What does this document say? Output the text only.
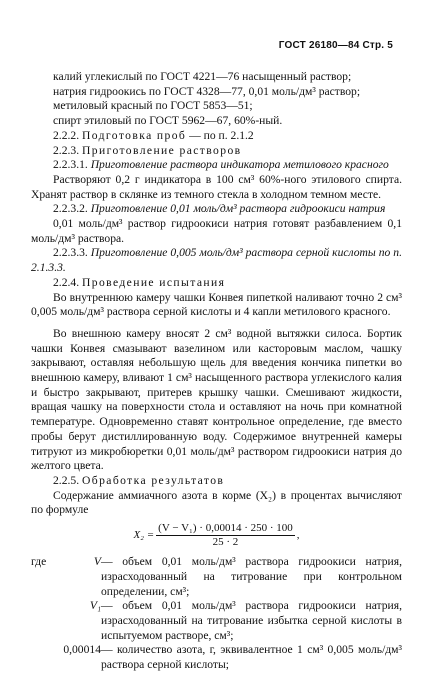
ГОСТ 26180—84 Стр. 5
калий углекислый по ГОСТ 4221—76 насыщенный раствор;
натрия гидроокись по ГОСТ 4328—77, 0,01 моль/дм³ раствор;
метиловый красный по ГОСТ 5853—51;
спирт этиловый по ГОСТ 5962—67, 60%-ный.

2.2.2. Подготовка проб — по п. 2.1.2

2.2.3. Приготовление растворов

2.2.3.1. Приготовление раствора индикатора метилового красного

Растворяют 0,2 г индикатора в 100 см³ 60%-ного этилового спирта. Хранят раствор в склянке из темного стекла в холодном темном месте.

2.2.3.2. Приготовление 0,01 моль/дм³ раствора гидроокиси натрия

0,01 моль/дм³ раствор гидроокиси натрия готовят разбавлением 0,1 моль/дм³ раствора.

2.2.3.3. Приготовление 0,005 моль/дм³ раствора серной кислоты по п. 2.1.3.3.

2.2.4. Проведение испытания

Во внутреннюю камеру чашки Конвея пипеткой наливают точно 2 см³ 0,005 моль/дм³ раствора серной кислоты и 4 капли метилового красного.

Во внешнюю камеру вносят 2 см³ водной вытяжки силоса. Бортик чашки Конвея смазывают вазелином или касторовым маслом, чашку закрывают, оставляя небольшую щель для введения кончика пипетки во внешнюю камеру, вливают 1 см³ насыщенного раствора углекислого калия и быстро закрывают, притерев крышку чашки. Смешивают жидкости, вращая чашку на поверхности стола и оставляют на ночь при комнатной температуре. Одновременно ставят контрольное определение, где вместо пробы берут дистиллированную воду. Содержимое внутренней камеры титруют из микробюретки 0,01 моль/дм³ раствором гидроокиси натрия до желтого цвета.

2.2.5. Обработка результатов

Содержание аммиачного азота в корме (X₂) в процентах вычисляют по формуле

X₂ =	(V − V₁) · 0,00014 · 250 · 100	,
25 · 2
где	V — объем 0,01 моль/дм³ раствора гидроокиси натрия, израсходованный на титрование при контрольном определении, см³;
V₁ — объем 0,01 моль/дм³ раствора гидроокиси натрия, израсходованный на титрование избытка серной кислоты в испытуемом растворе, см³;
0,00014 — количество азота, г, эквивалентное 1 см³ 0,005 моль/дм³ раствора серной кислоты;
